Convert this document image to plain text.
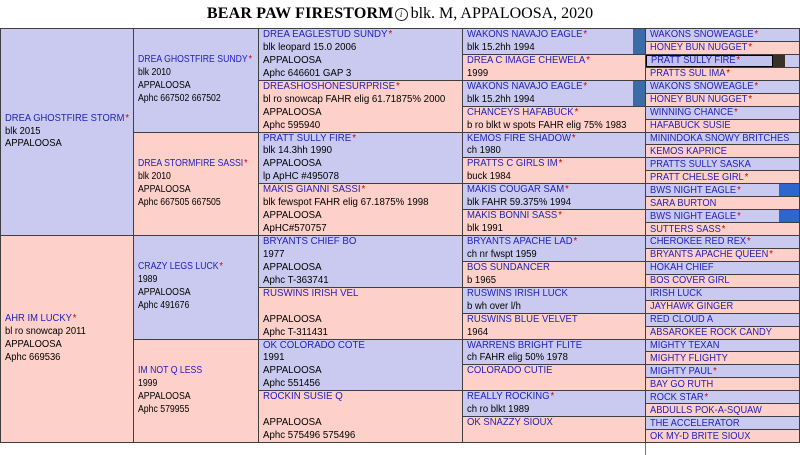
BEAR PAW FIRESTORM i blk. M, APPALOOSA, 2020
DREA GHOSTFIRE STORM*
blk 2015
APPALOOSA
AHR IM LUCKY*
bl ro snowcap 2011
APPALOOSA
Aphc 669536
DREA GHOSTFIRE SUNDY*
blk 2010
APPALOOSA
Aphc 667502 667502
DREA STORMFIRE SASSI*
blk 2010
APPALOOSA
Aphc 667505 667505
CRAZY LEGS LUCK*
1989
APPALOOSA
Aphc 491676
IM NOT Q LESS
1999
APPALOOSA
Aphc 579955
DREA EAGLESTUD SUNDY*
blk leopard 15.0 2006
APPALOOSA
Aphc 646601 GAP 3
DREASHOSHONESURPRISE*
bl ro snowcap FAHR elig 61.71875% 2000
APPALOOSA
Aphc 595940
PRATT SULLY FIRE*
blk 14.3hh 1990
APPALOOSA
lp ApHC #495078
MAKIS GIANNI SASSI*
blk fewspot FAHR elig 67.1875% 1998
APPALOOSA
ApHC#570757
BRYANTS CHIEF BO
1977
APPALOOSA
Aphc T-363741
RUSWINS IRISH VEL
APPALOOSA
Aphc T-311431
OK COLORADO COTE
1991
APPALOOSA
Aphc 551456
ROCKIN SUSIE Q
APPALOOSA
Aphc 575496 575496
WAKONS NAVAJO EAGLE*
blk 15.2hh 1994
DREA C IMAGE CHEWELA*
1999
WAKONS NAVAJO EAGLE*
blk 15.2hh 1994
CHANCEYS HAFABUCK*
b ro blkt w spots FAHR elig 75% 1983
KEMOS FIRE SHADOW*
ch 1980
PRATTS C GIRLS IM*
buck 1984
MAKIS COUGAR SAM*
blk FAHR 59.375% 1994
MAKIS BONNI SASS*
blk 1991
BRYANTS APACHE LAD*
ch nr fwspt 1959
BOS SUNDANCER
b 1965
RUSWINS IRISH LUCK
b wh over l/h
RUSWINS BLUE VELVET
1964
WARRENS BRIGHT FLITE
ch FAHR elig 50% 1978
COLORADO CUTIE
REALLY ROCKING*
ch ro blkt 1989
OK SNAZZY SIOUX
WAKONS SNOWEAGLE*
HONEY BUN NUGGET*
PRATT SULLY FIRE*
PRATTS SUL IMA*
WAKONS SNOWEAGLE*
HONEY BUN NUGGET*
WINNING CHANCE*
HAFABUCK SUSIE
MININDOKA SNOWY BRITCHES
KEMOS KAPRICE
PRATTS SULLY SASKA
PRATT CHELSE GIRL*
BWS NIGHT EAGLE*
SARA BURTON
BWS NIGHT EAGLE*
SUTTERS SASS*
CHEROKEE RED REX*
BRYANTS APACHE QUEEN*
HOKAH CHIEF
BOS COVER GIRL
IRISH LUCK
JAYHAWK GINGER
RED CLOUD A
ABSAROKEE ROCK CANDY
MIGHTY TEXAN
MIGHTY FLIGHTY
MIGHTY PAUL*
BAY GO RUTH
ROCK STAR*
ABDULLS POK-A-SQUAW
THE ACCELERATOR
OK MY-D BRITE SIOUX
